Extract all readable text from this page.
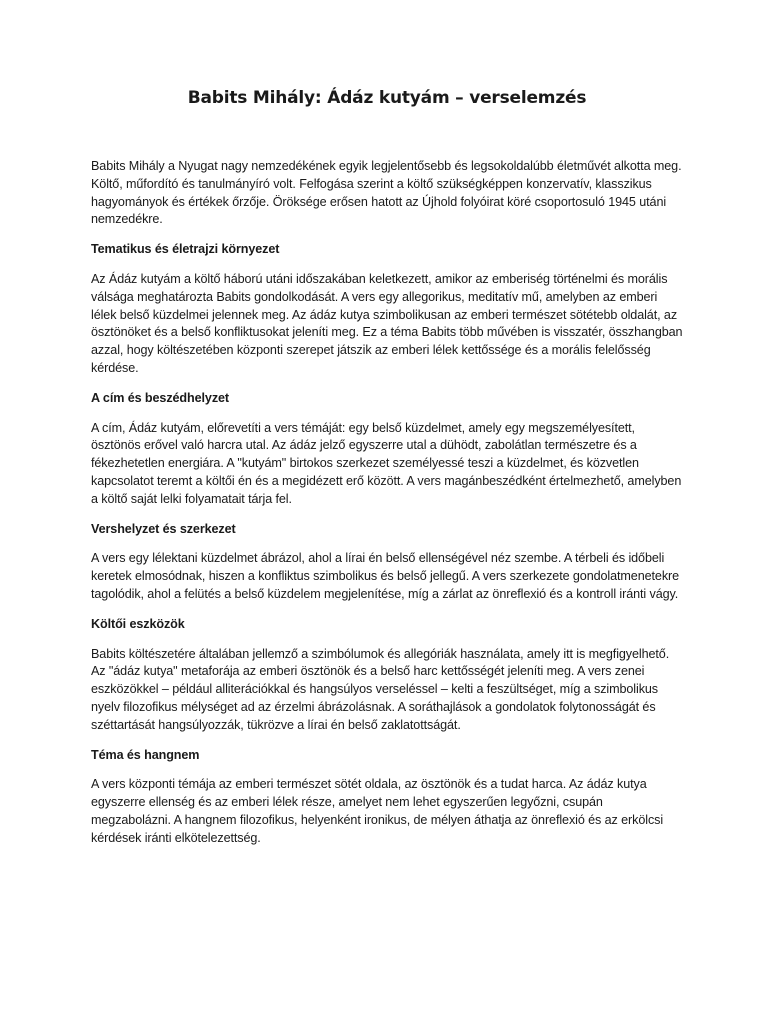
Babits Mihály: Ádáz kutyám – verselemzés

Babits Mihály a Nyugat nagy nemzedékének egyik legjelentősebb és legsokoldalúbb életművét alkotta meg. Költő, műfordító és tanulmányíró volt. Felfogása szerint a költő szükségképpen konzervatív, klasszikus hagyományok és értékek őrzője. Öröksége erősen hatott az Újhold folyóirat köré csoportosuló 1945 utáni nemzedékre.

Tematikus és életrajzi környezet

Az Ádáz kutyám a költő háború utáni időszakában keletkezett, amikor az emberiség történelmi és morális válsága meghatározta Babits gondolkodását. A vers egy allegorikus, meditatív mű, amelyben az emberi lélek belső küzdelmei jelennek meg. Az ádáz kutya szimbolikusan az emberi természet sötétebb oldalát, az ösztönöket és a belső konfliktusokat jeleníti meg. Ez a téma Babits több művében is visszatér, összhangban azzal, hogy költészetében központi szerepet játszik az emberi lélek kettőssége és a morális felelősség kérdése.

A cím és beszédhelyzet

A cím, Ádáz kutyám, előrevetíti a vers témáját: egy belső küzdelmet, amely egy megszemélyesített, ösztönös erővel való harcra utal. Az ádáz jelző egyszerre utal a dühödt, zabolátlan természetre és a fékezhetetlen energiára. A "kutyám" birtokos szerkezet személyessé teszi a küzdelmet, és közvetlen kapcsolatot teremt a költői én és a megidézett erő között. A vers magánbeszédként értelmezhető, amelyben a költő saját lelki folyamatait tárja fel.

Vershelyzet és szerkezet

A vers egy lélektani küzdelmet ábrázol, ahol a lírai én belső ellenségével néz szembe. A térbeli és időbeli keretek elmosódnak, hiszen a konfliktus szimbolikus és belső jellegű. A vers szerkezete gondolatmenetekre tagolódik, ahol a felütés a belső küzdelem megjelenítése, míg a zárlat az önreflexió és a kontroll iránti vágy.

Költői eszközök

Babits költészetére általában jellemző a szimbólumok és allegóriák használata, amely itt is megfigyelhető. Az "ádáz kutya" metaforája az emberi ösztönök és a belső harc kettősségét jeleníti meg. A vers zenei eszközökkel – például alliterációkkal és hangsúlyos verseléssel – kelti a feszültséget, míg a szimbolikus nyelv filozofikus mélységet ad az érzelmi ábrázolásnak. A soráthajlások a gondolatok folytonosságát és széttartását hangsúlyozzák, tükrözve a lírai én belső zaklatottságát.

Téma és hangnem

A vers központi témája az emberi természet sötét oldala, az ösztönök és a tudat harca. Az ádáz kutya egyszerre ellenség és az emberi lélek része, amelyet nem lehet egyszerűen legyőzni, csupán megzabolázni. A hangnem filozofikus, helyenként ironikus, de mélyen áthatja az önreflexió és az erkölcsi kérdések iránti elkötelezettség.
